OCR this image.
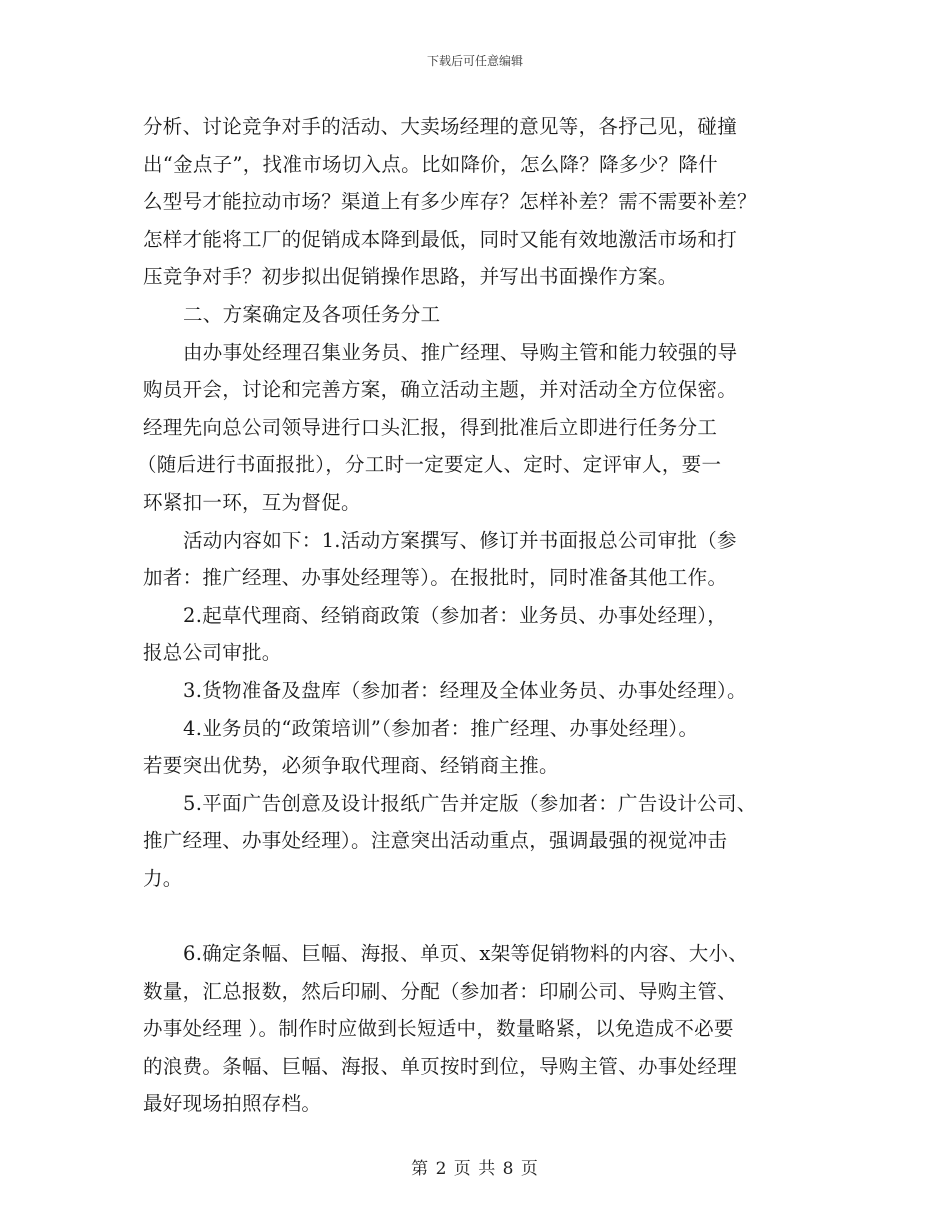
下载后可任意编辑
分析、讨论竞争对手的活动、大卖场经理的意见等，各抒己见，碰撞
出“金点子”，找准市场切入点。比如降价，怎么降？降多少？降什
么型号才能拉动市场？渠道上有多少库存？怎样补差？需不需要补差？
怎样才能将工厂的促销成本降到最低，同时又能有效地激活市场和打
压竞争对手？初步拟出促销操作思路，并写出书面操作方案。
二、方案确定及各项任务分工
由办事处经理召集业务员、推广经理、导购主管和能力较强的导
购员开会，讨论和完善方案，确立活动主题，并对活动全方位保密。
经理先向总公司领导进行口头汇报，得到批准后立即进行任务分工
（随后进行书面报批），分工时一定要定人、定时、定评审人，要一
环紧扣一环，互为督促。
活动内容如下：1.活动方案撰写、修订并书面报总公司审批（参
加者：推广经理、办事处经理等）。在报批时，同时准备其他工作。
2.起草代理商、经销商政策（参加者：业务员、办事处经理），
报总公司审批。
3.货物准备及盘库（参加者：经理及全体业务员、办事处经理）。
4.业务员的“政策培训”（参加者：推广经理、办事处经理）。
若要突出优势，必须争取代理商、经销商主推。
5.平面广告创意及设计报纸广告并定版（参加者：广告设计公司、
推广经理、办事处经理）。注意突出活动重点，强调最强的视觉冲击
力。
6.确定条幅、巨幅、海报、单页、x架等促销物料的内容、大小、
数量，汇总报数，然后印刷、分配（参加者：印刷公司、导购主管、
办事处经理 ）。制作时应做到长短适中，数量略紧，以免造成不必要
的浪费。条幅、巨幅、海报、单页按时到位，导购主管、办事处经理
最好现场拍照存档。
第 2 页 共 8 页
